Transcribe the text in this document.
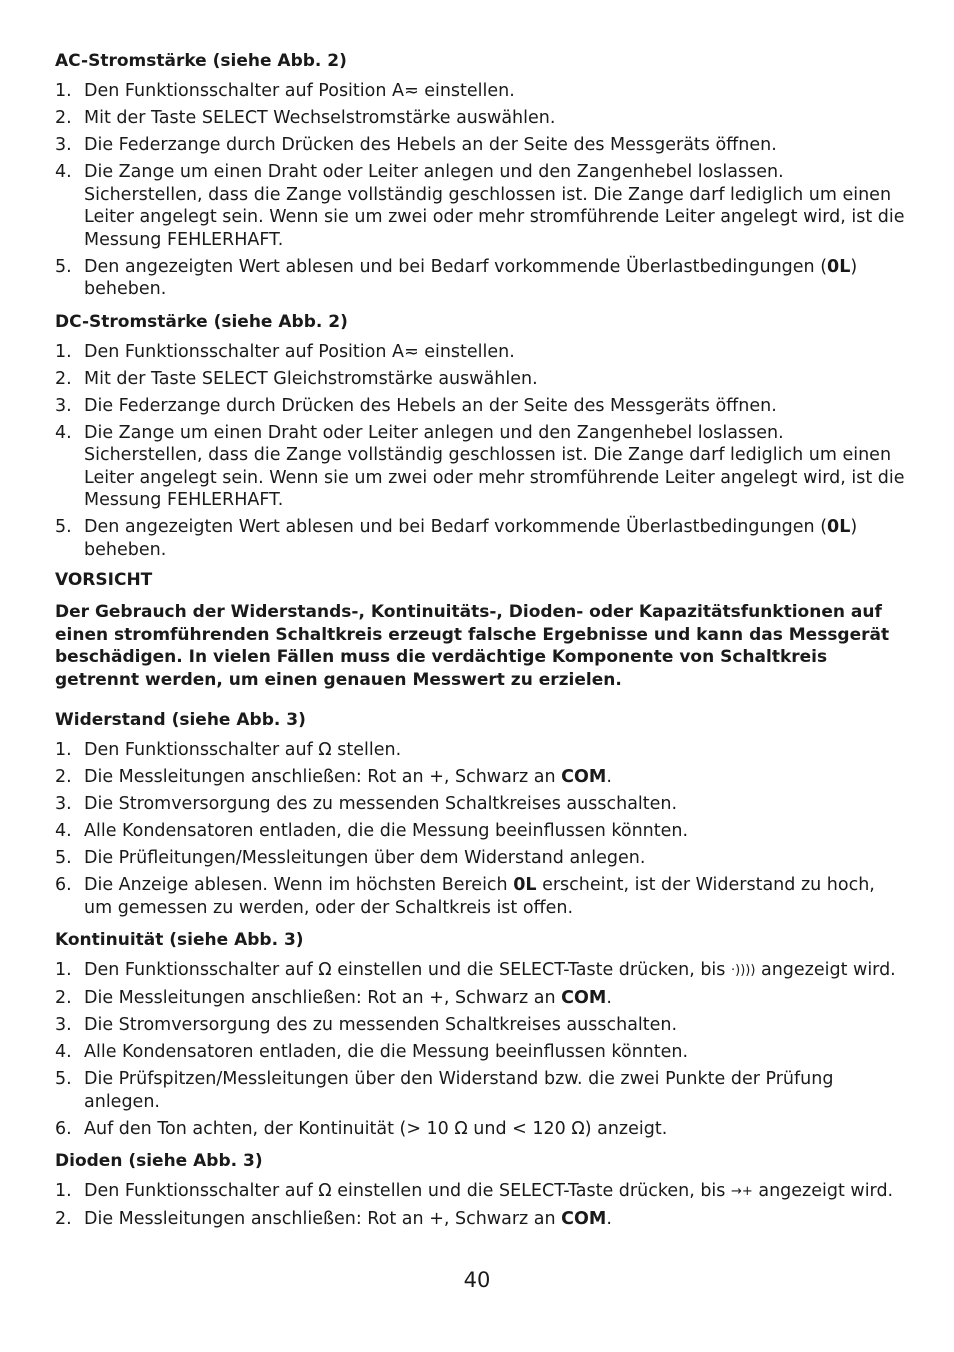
AC-Stromstärke (siehe Abb. 2)
1. Den Funktionsschalter auf Position A≂ einstellen.
2. Mit der Taste SELECT Wechselstromstärke auswählen.
3. Die Federzange durch Drücken des Hebels an der Seite des Messgeräts öffnen.
4. Die Zange um einen Draht oder Leiter anlegen und den Zangenhebel loslassen. Sicherstellen, dass die Zange vollständig geschlossen ist. Die Zange darf lediglich um einen Leiter angelegt sein. Wenn sie um zwei oder mehr stromführende Leiter angelegt wird, ist die Messung FEHLERHAFT.
5. Den angezeigten Wert ablesen und bei Bedarf vorkommende Überlastbedingungen (0L) beheben.
DC-Stromstärke (siehe Abb. 2)
1. Den Funktionsschalter auf Position A≂ einstellen.
2. Mit der Taste SELECT Gleichstromstärke auswählen.
3. Die Federzange durch Drücken des Hebels an der Seite des Messgeräts öffnen.
4. Die Zange um einen Draht oder Leiter anlegen und den Zangenhebel loslassen. Sicherstellen, dass die Zange vollständig geschlossen ist. Die Zange darf lediglich um einen Leiter angelegt sein. Wenn sie um zwei oder mehr stromführende Leiter angelegt wird, ist die Messung FEHLERHAFT.
5. Den angezeigten Wert ablesen und bei Bedarf vorkommende Überlastbedingungen (0L) beheben.
VORSICHT
Der Gebrauch der Widerstands-, Kontinuitäts-, Dioden- oder Kapazitätsfunktionen auf einen stromführenden Schaltkreis erzeugt falsche Ergebnisse und kann das Messgerät beschädigen. In vielen Fällen muss die verdächtige Komponente von Schaltkreis getrennt werden, um einen genauen Messwert zu erzielen.
Widerstand (siehe Abb. 3)
1. Den Funktionsschalter auf Ω stellen.
2. Die Messleitungen anschließen: Rot an +, Schwarz an COM.
3. Die Stromversorgung des zu messenden Schaltkreises ausschalten.
4. Alle Kondensatoren entladen, die die Messung beeinflussen könnten.
5. Die Prüfleitungen/Messleitungen über dem Widerstand anlegen.
6. Die Anzeige ablesen. Wenn im höchsten Bereich 0L erscheint, ist der Widerstand zu hoch, um gemessen zu werden, oder der Schaltkreis ist offen.
Kontinuität (siehe Abb. 3)
1. Den Funktionsschalter auf Ω einstellen und die SELECT-Taste drücken, bis ·)))) angezeigt wird.
2. Die Messleitungen anschließen: Rot an +, Schwarz an COM.
3. Die Stromversorgung des zu messenden Schaltkreises ausschalten.
4. Alle Kondensatoren entladen, die die Messung beeinflussen könnten.
5. Die Prüfspitzen/Messleitungen über den Widerstand bzw. die zwei Punkte der Prüfung anlegen.
6. Auf den Ton achten, der Kontinuität (> 10 Ω und < 120 Ω) anzeigt.
Dioden (siehe Abb. 3)
1. Den Funktionsschalter auf Ω einstellen und die SELECT-Taste drücken, bis →+ angezeigt wird.
2. Die Messleitungen anschließen: Rot an +, Schwarz an COM.
40
